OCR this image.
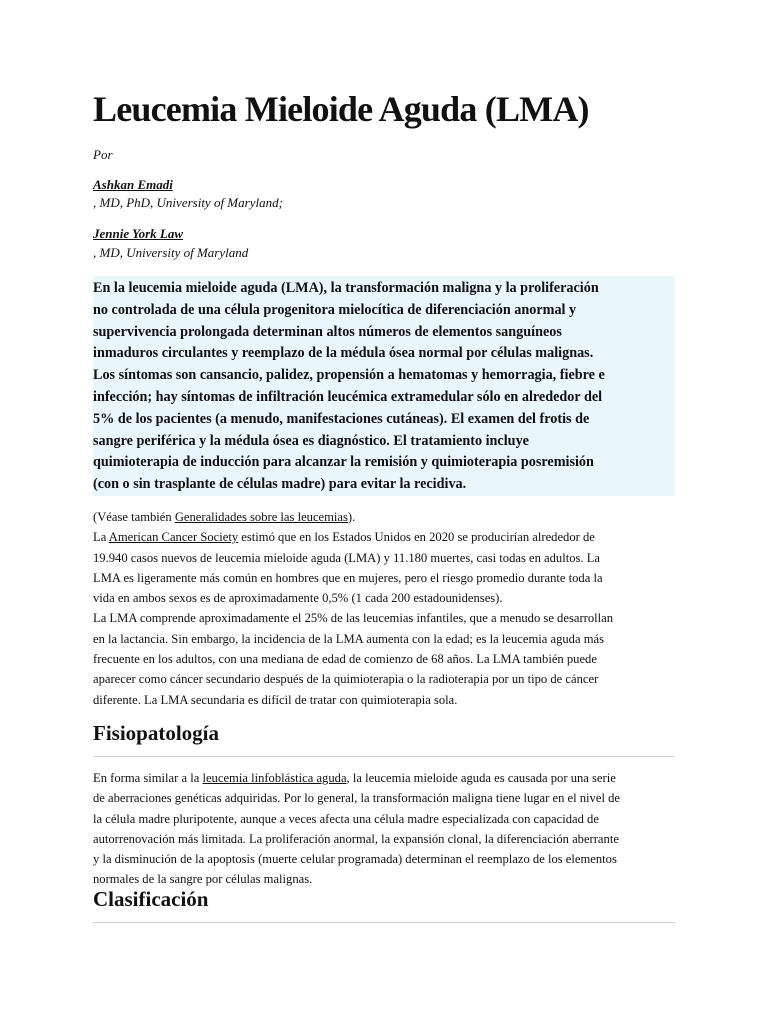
Leucemia Mieloide Aguda (LMA)
Por
Ashkan Emadi
, MD, PhD, University of Maryland;
Jennie York Law
, MD, University of Maryland
En la leucemia mieloide aguda (LMA), la transformación maligna y la proliferación
no controlada de una célula progenitora mielocítica de diferenciación anormal y
supervivencia prolongada determinan altos números de elementos sanguíneos
inmaduros circulantes y reemplazo de la médula ósea normal por células malignas.
Los síntomas son cansancio, palidez, propensión a hematomas y hemorragia, fiebre e
infección; hay síntomas de infiltración leucémica extramedular sólo en alrededor del
5% de los pacientes (a menudo, manifestaciones cutáneas). El examen del frotis de
sangre periférica y la médula ósea es diagnóstico. El tratamiento incluye
quimioterapia de inducción para alcanzar la remisión y quimioterapia posremisión
(con o sin trasplante de células madre) para evitar la recidiva.
(Véase también Generalidades sobre las leucemias).
La American Cancer Society estimó que en los Estados Unidos en 2020 se producirían alrededor de
19.940 casos nuevos de leucemia mieloide aguda (LMA) y 11.180 muertes, casi todas en adultos. La
LMA es ligeramente más común en hombres que en mujeres, pero el riesgo promedio durante toda la
vida en ambos sexos es de aproximadamente 0,5% (1 cada 200 estadounidenses).
La LMA comprende aproximadamente el 25% de las leucemias infantiles, que a menudo se desarrollan
en la lactancia. Sin embargo, la incidencia de la LMA aumenta con la edad; es la leucemia aguda más
frecuente en los adultos, con una mediana de edad de comienzo de 68 años. La LMA también puede
aparecer como cáncer secundario después de la quimioterapia o la radioterapia por un tipo de cáncer
diferente. La LMA secundaria es difícil de tratar con quimioterapia sola.
Fisiopatología
En forma similar a la leucemia linfoblástica aguda, la leucemia mieloide aguda es causada por una serie
de aberraciones genéticas adquiridas. Por lo general, la transformación maligna tiene lugar en el nivel de
la célula madre pluripotente, aunque a veces afecta una célula madre especializada con capacidad de
autorrenovación más limitada. La proliferación anormal, la expansión clonal, la diferenciación aberrante
y la disminución de la apoptosis (muerte celular programada) determinan el reemplazo de los elementos
normales de la sangre por células malignas.
Clasificación
